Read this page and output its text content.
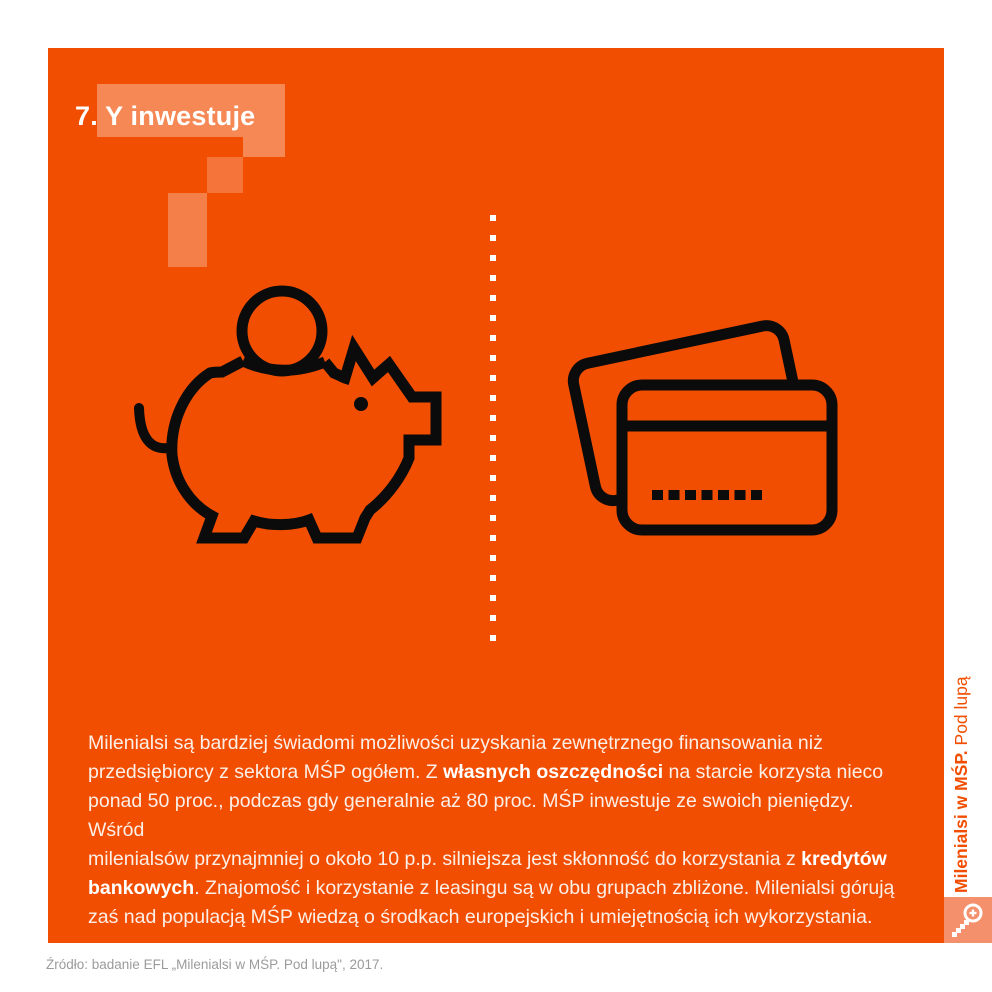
7. Y inwestuje
Milenialsi są bardziej świadomi możliwości uzyskania zewnętrznego finansowania niż
przedsiębiorcy z sektora MŚP ogółem. Z własnych oszczędności na starcie korzysta nieco
ponad 50 proc., podczas gdy generalnie aż 80 proc. MŚP inwestuje ze swoich pieniędzy. Wśród
milenialsów przynajmniej o około 10 p.p. silniejsza jest skłonność do korzystania z kredytów
bankowych. Znajomość i korzystanie z leasingu są w obu grupach zbliżone. Milenialsi górują
zaś nad populacją MŚP wiedzą o środkach europejskich i umiejętnością ich wykorzystania.
Milenialsi w MŚP. Pod lupą
Źródło: badanie EFL „Milenialsi w MŚP. Pod lupą", 2017.
